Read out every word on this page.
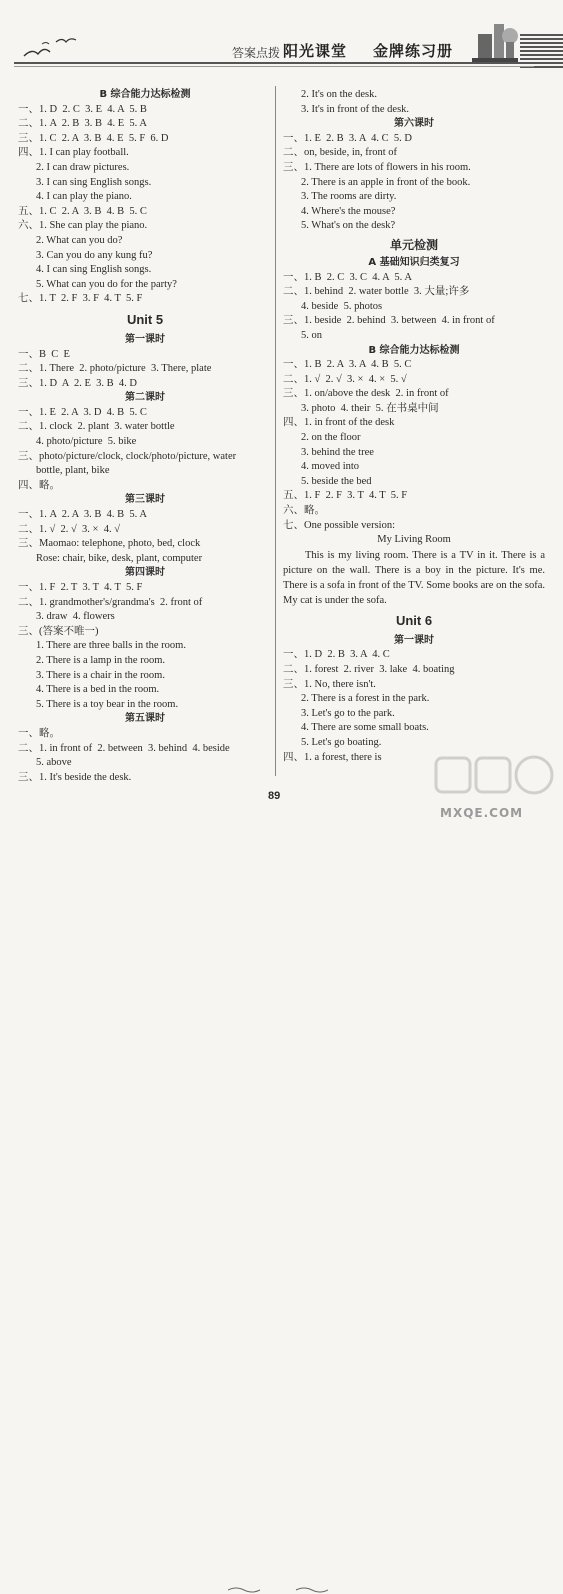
答案点拨 阳光课堂 金牌练习册
B 综合能力达标检测
一、1. D  2. C  3. E  4. A  5. B
二、1. A  2. B  3. B  4. E  5. A
三、1. C  2. A  3. B  4. E  5. F  6. D
四、1. I can play football.
2. I can draw pictures.
3. I can sing English songs.
4. I can play the piano.
五、1. C  2. A  3. B  4. B  5. C
六、1. She can play the piano.
2. What can you do?
3. Can you do any kung fu?
4. I can sing English songs.
5. What can you do for the party?
七、1. T  2. F  3. F  4. T  5. F
Unit 5
第一课时
一、B  C  E
二、1. There  2. photo/picture  3. There, plate
三、1. D  A  2. E  3. B  4. D
第二课时
一、1. E  2. A  3. D  4. B  5. C
二、1. clock  2. plant  3. water bottle
4. photo/picture  5. bike
三、photo/picture/clock, clock/photo/picture, water
bottle, plant, bike
四、略。
第三课时
一、1. A  2. A  3. B  4. B  5. A
二、1. √  2. √  3. ×  4. √
三、Maomao: telephone, photo, bed, clock
Rose: chair, bike, desk, plant, computer
第四课时
一、1. F  2. T  3. T  4. T  5. F
二、1. grandmother's/grandma's  2. front of
3. draw  4. flowers
三、(答案不唯一)
1. There are three balls in the room.
2. There is a lamp in the room.
3. There is a chair in the room.
4. There is a bed in the room.
5. There is a toy bear in the room.
第五课时
一、略。
二、1. in front of  2. between  3. behind  4. beside
5. above
三、1. It's beside the desk.
2. It's on the desk.
3. It's in front of the desk.
第六课时
一、1. E  2. B  3. A  4. C  5. D
二、on, beside, in, front of
三、1. There are lots of flowers in his room.
2. There is an apple in front of the book.
3. The rooms are dirty.
4. Where's the mouse?
5. What's on the desk?
单元检测
A 基础知识归类复习
一、1. B  2. C  3. C  4. A  5. A
二、1. behind  2. water bottle  3. 大量;许多
4. beside  5. photos
三、1. beside  2. behind  3. between  4. in front of
5. on
B 综合能力达标检测
一、1. B  2. A  3. A  4. B  5. C
二、1. √  2. √  3. ×  4. ×  5. √
三、1. on/above the desk  2. in front of
3. photo  4. their  5. 在书桌中间
四、1. in front of the desk
2. on the floor
3. behind the tree
4. moved into
5. beside the bed
五、1. F  2. F  3. T  4. T  5. F
六、略。
七、One possible version:
My Living Room
This is my living room. There is a TV in it. There is a picture on the wall. There is a boy in the picture. It's me. There is a sofa in front of the TV. Some books are on the sofa. My cat is under the sofa.
Unit 6
第一课时
一、1. D  2. B  3. A  4. C
二、1. forest  2. river  3. lake  4. boating
三、1. No, there isn't.
2. There is a forest in the park.
3. Let's go to the park.
4. There are some small boats.
5. Let's go boating.
四、1. a forest, there is
89
MXQE.COM
